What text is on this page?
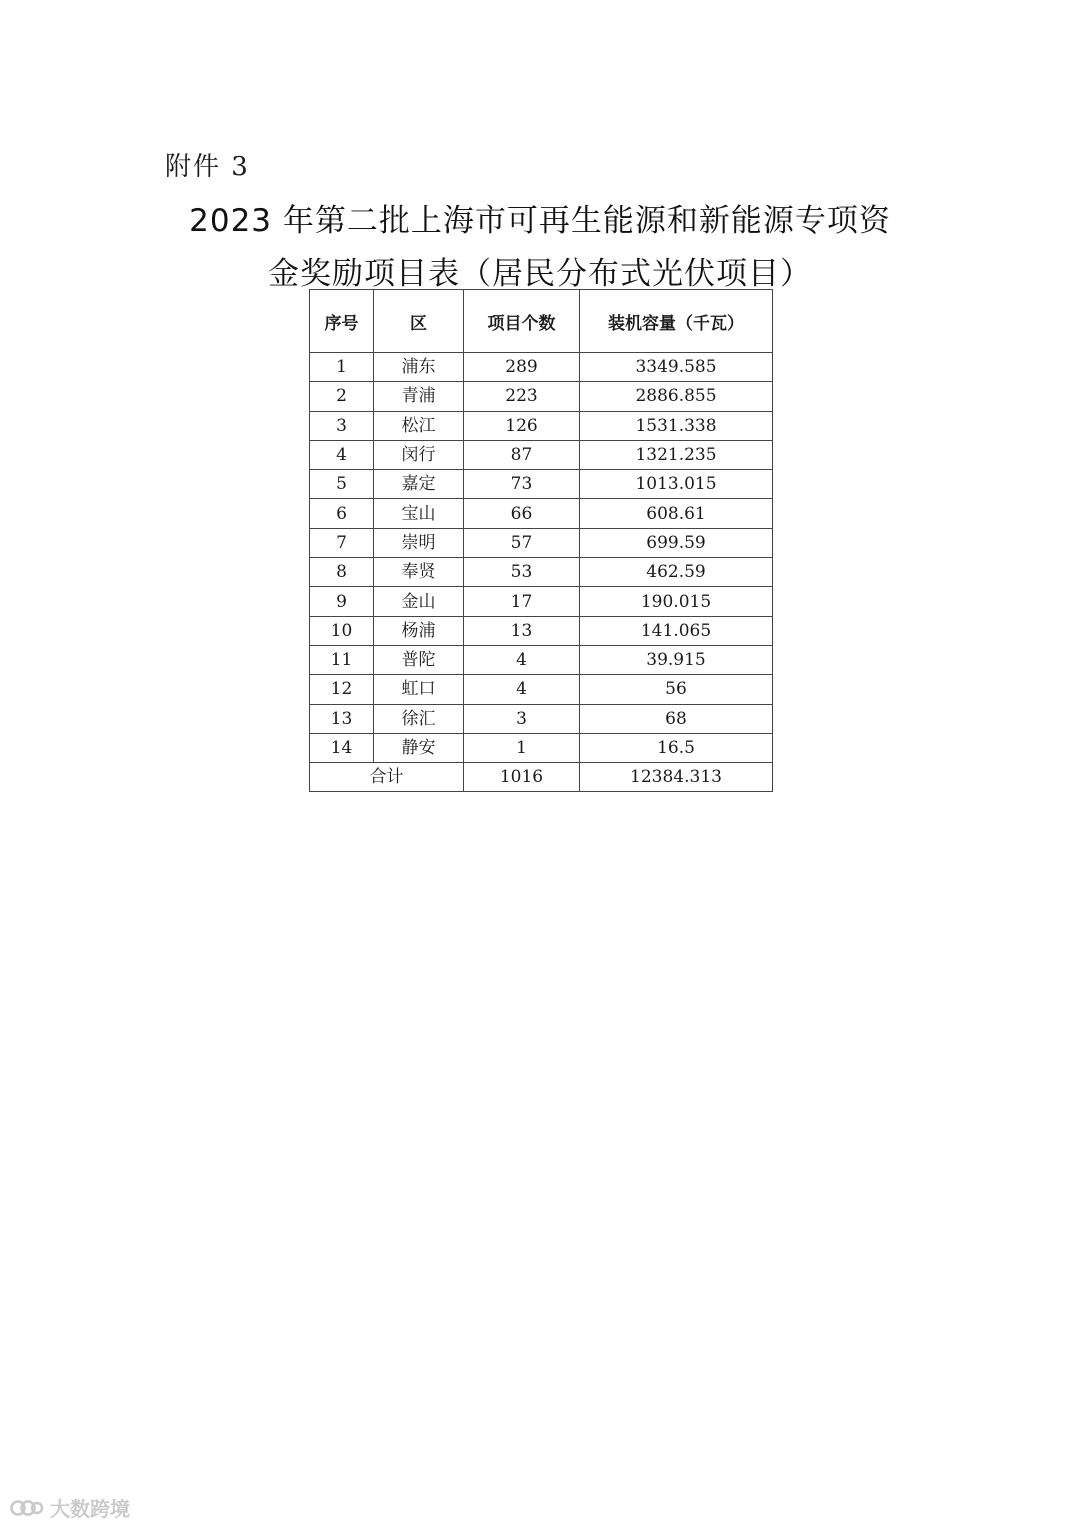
附件 3
2023 年第二批上海市可再生能源和新能源专项资
金奖励项目表（居民分布式光伏项目）
序号	区	项目个数	装机容量（千瓦）
1	浦东	289	3349.585
2	青浦	223	2886.855
3	松江	126	1531.338
4	闵行	87	1321.235
5	嘉定	73	1013.015
6	宝山	66	608.61
7	崇明	57	699.59
8	奉贤	53	462.59
9	金山	17	190.015
10	杨浦	13	141.065
11	普陀	4	39.915
12	虹口	4	56
13	徐汇	3	68
14	静安	1	16.5
合计		1016	12384.313
大数跨境
